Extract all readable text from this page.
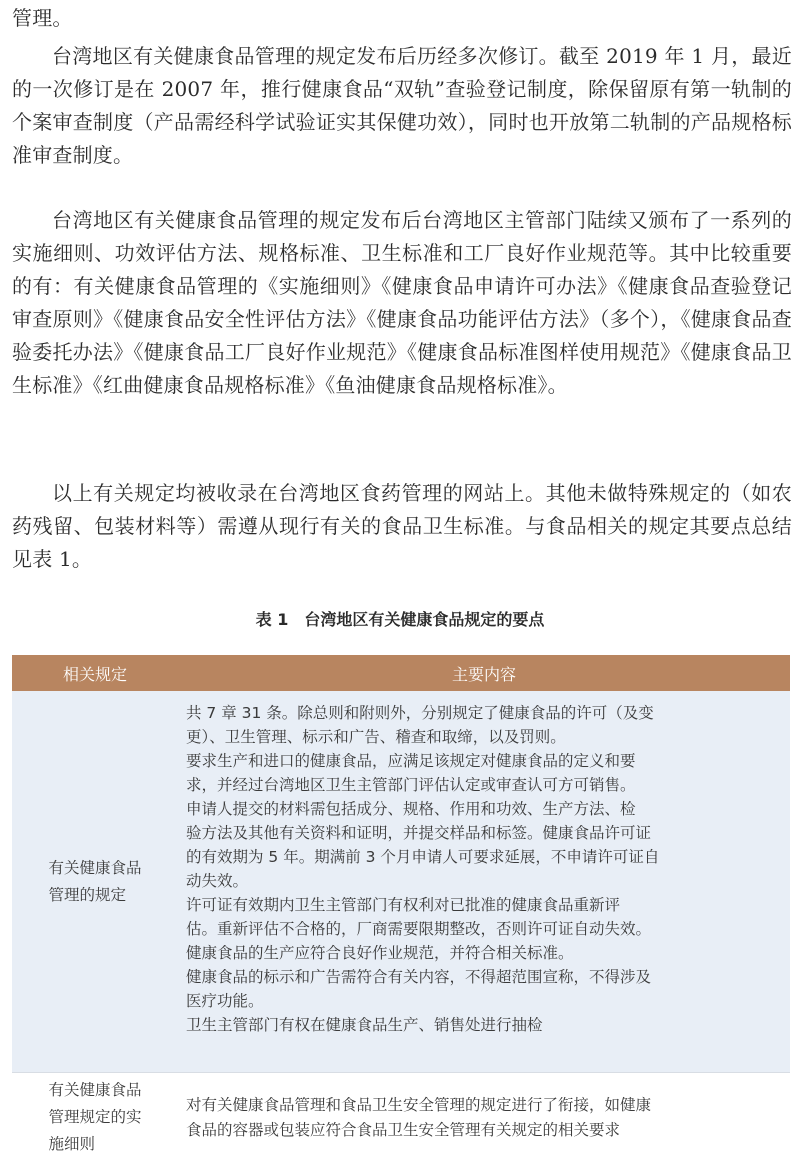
管理。
台湾地区有关健康食品管理的规定发布后历经多次修订。截至 2019 年 1 月，最近的一次修订是在 2007 年，推行健康食品“双轨”查验登记制度，除保留原有第一轨制的个案审查制度（产品需经科学试验证实其保健功效），同时也开放第二轨制的产品规格标准审查制度。
台湾地区有关健康食品管理的规定发布后台湾地区主管部门陆续又颁布了一系列的实施细则、功效评估方法、规格标准、卫生标准和工厂良好作业规范等。其中比较重要的有：有关健康食品管理的《实施细则》《健康食品申请许可办法》《健康食品查验登记审查原则》《健康食品安全性评估方法》《健康食品功能评估方法》（多个），《健康食品查验委托办法》《健康食品工厂良好作业规范》《健康食品标准图样使用规范》《健康食品卫生标准》《红曲健康食品规格标准》《鱼油健康食品规格标准》。
以上有关规定均被收录在台湾地区食药管理的网站上。其他未做特殊规定的（如农药残留、包装材料等）需遵从现行有关的食品卫生标准。与食品相关的规定其要点总结见表 1。
表 1　台湾地区有关健康食品规定的要点
相关规定	主要内容
有关健康食品
管理的规定
共 7 章 31 条。除总则和附则外，分别规定了健康食品的许可（及变
更）、卫生管理、标示和广告、稽查和取缔，以及罚则。
要求生产和进口的健康食品，应满足该规定对健康食品的定义和要
求，并经过台湾地区卫生主管部门评估认定或审查认可方可销售。
申请人提交的材料需包括成分、规格、作用和功效、生产方法、检
验方法及其他有关资料和证明，并提交样品和标签。健康食品许可证
的有效期为 5 年。期满前 3 个月申请人可要求延展，不申请许可证自
动失效。
许可证有效期内卫生主管部门有权利对已批准的健康食品重新评
估。重新评估不合格的，厂商需要限期整改，否则许可证自动失效。
健康食品的生产应符合良好作业规范，并符合相关标准。
健康食品的标示和广告需符合有关内容，不得超范围宣称，不得涉及
医疗功能。
卫生主管部门有权在健康食品生产、销售处进行抽检
有关健康食品
管理规定的实
施细则
对有关健康食品管理和食品卫生安全管理的规定进行了衔接，如健康
食品的容器或包装应符合食品卫生安全管理有关规定的相关要求
